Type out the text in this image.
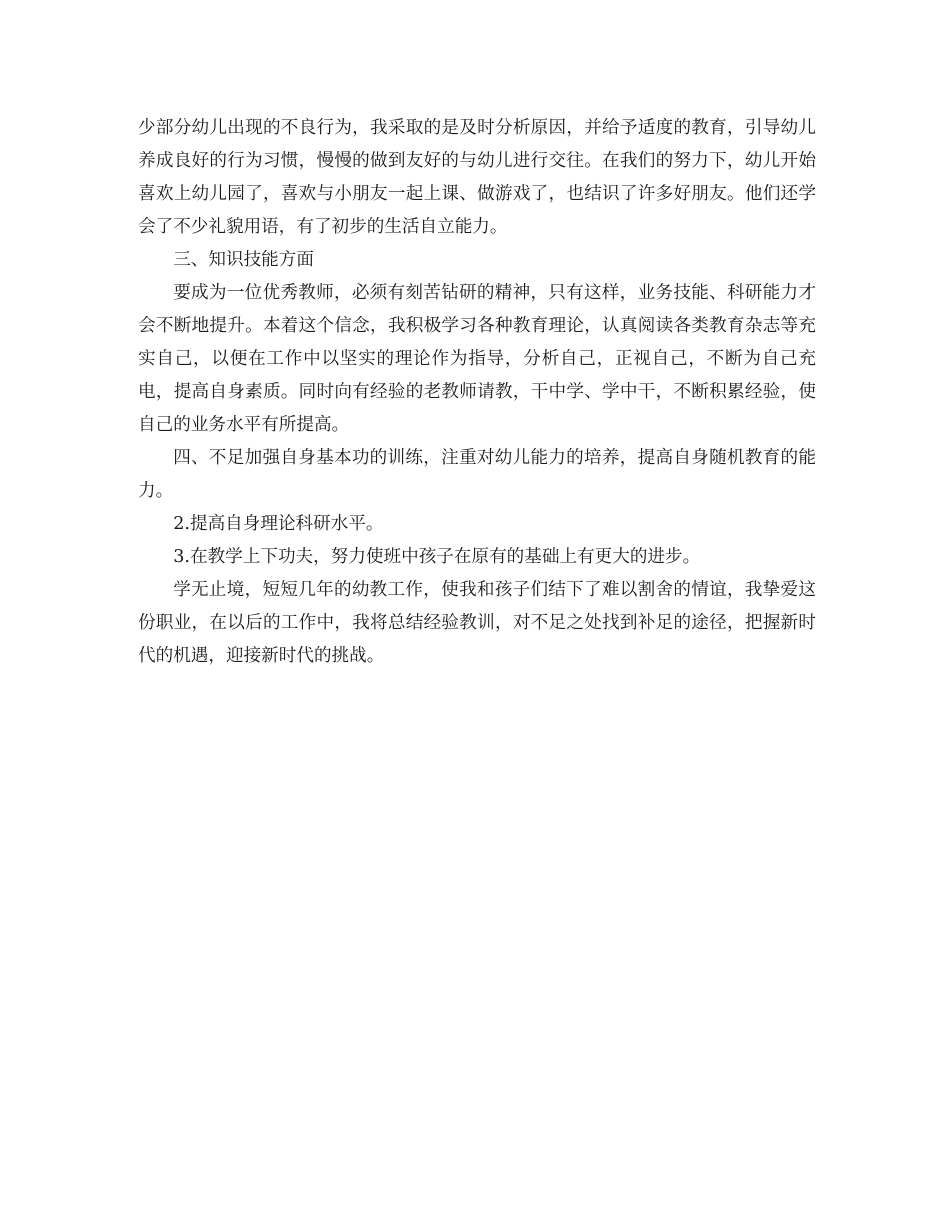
少部分幼儿出现的不良行为，我采取的是及时分析原因，并给予适度的教育，引导幼儿养成良好的行为习惯，慢慢的做到友好的与幼儿进行交往。在我们的努力下，幼儿开始喜欢上幼儿园了，喜欢与小朋友一起上课、做游戏了，也结识了许多好朋友。他们还学会了不少礼貌用语，有了初步的生活自立能力。

三、知识技能方面

要成为一位优秀教师，必须有刻苦钻研的精神，只有这样，业务技能、科研能力才会不断地提升。本着这个信念，我积极学习各种教育理论，认真阅读各类教育杂志等充实自己，以便在工作中以坚实的理论作为指导，分析自己，正视自己，不断为自己充电，提高自身素质。同时向有经验的老教师请教，干中学、学中干，不断积累经验，使自己的业务水平有所提高。

四、不足加强自身基本功的训练，注重对幼儿能力的培养，提高自身随机教育的能力。

2.提高自身理论科研水平。

3.在教学上下功夫，努力使班中孩子在原有的基础上有更大的进步。

学无止境，短短几年的幼教工作，使我和孩子们结下了难以割舍的情谊，我挚爱这份职业，在以后的工作中，我将总结经验教训，对不足之处找到补足的途径，把握新时代的机遇，迎接新时代的挑战。
